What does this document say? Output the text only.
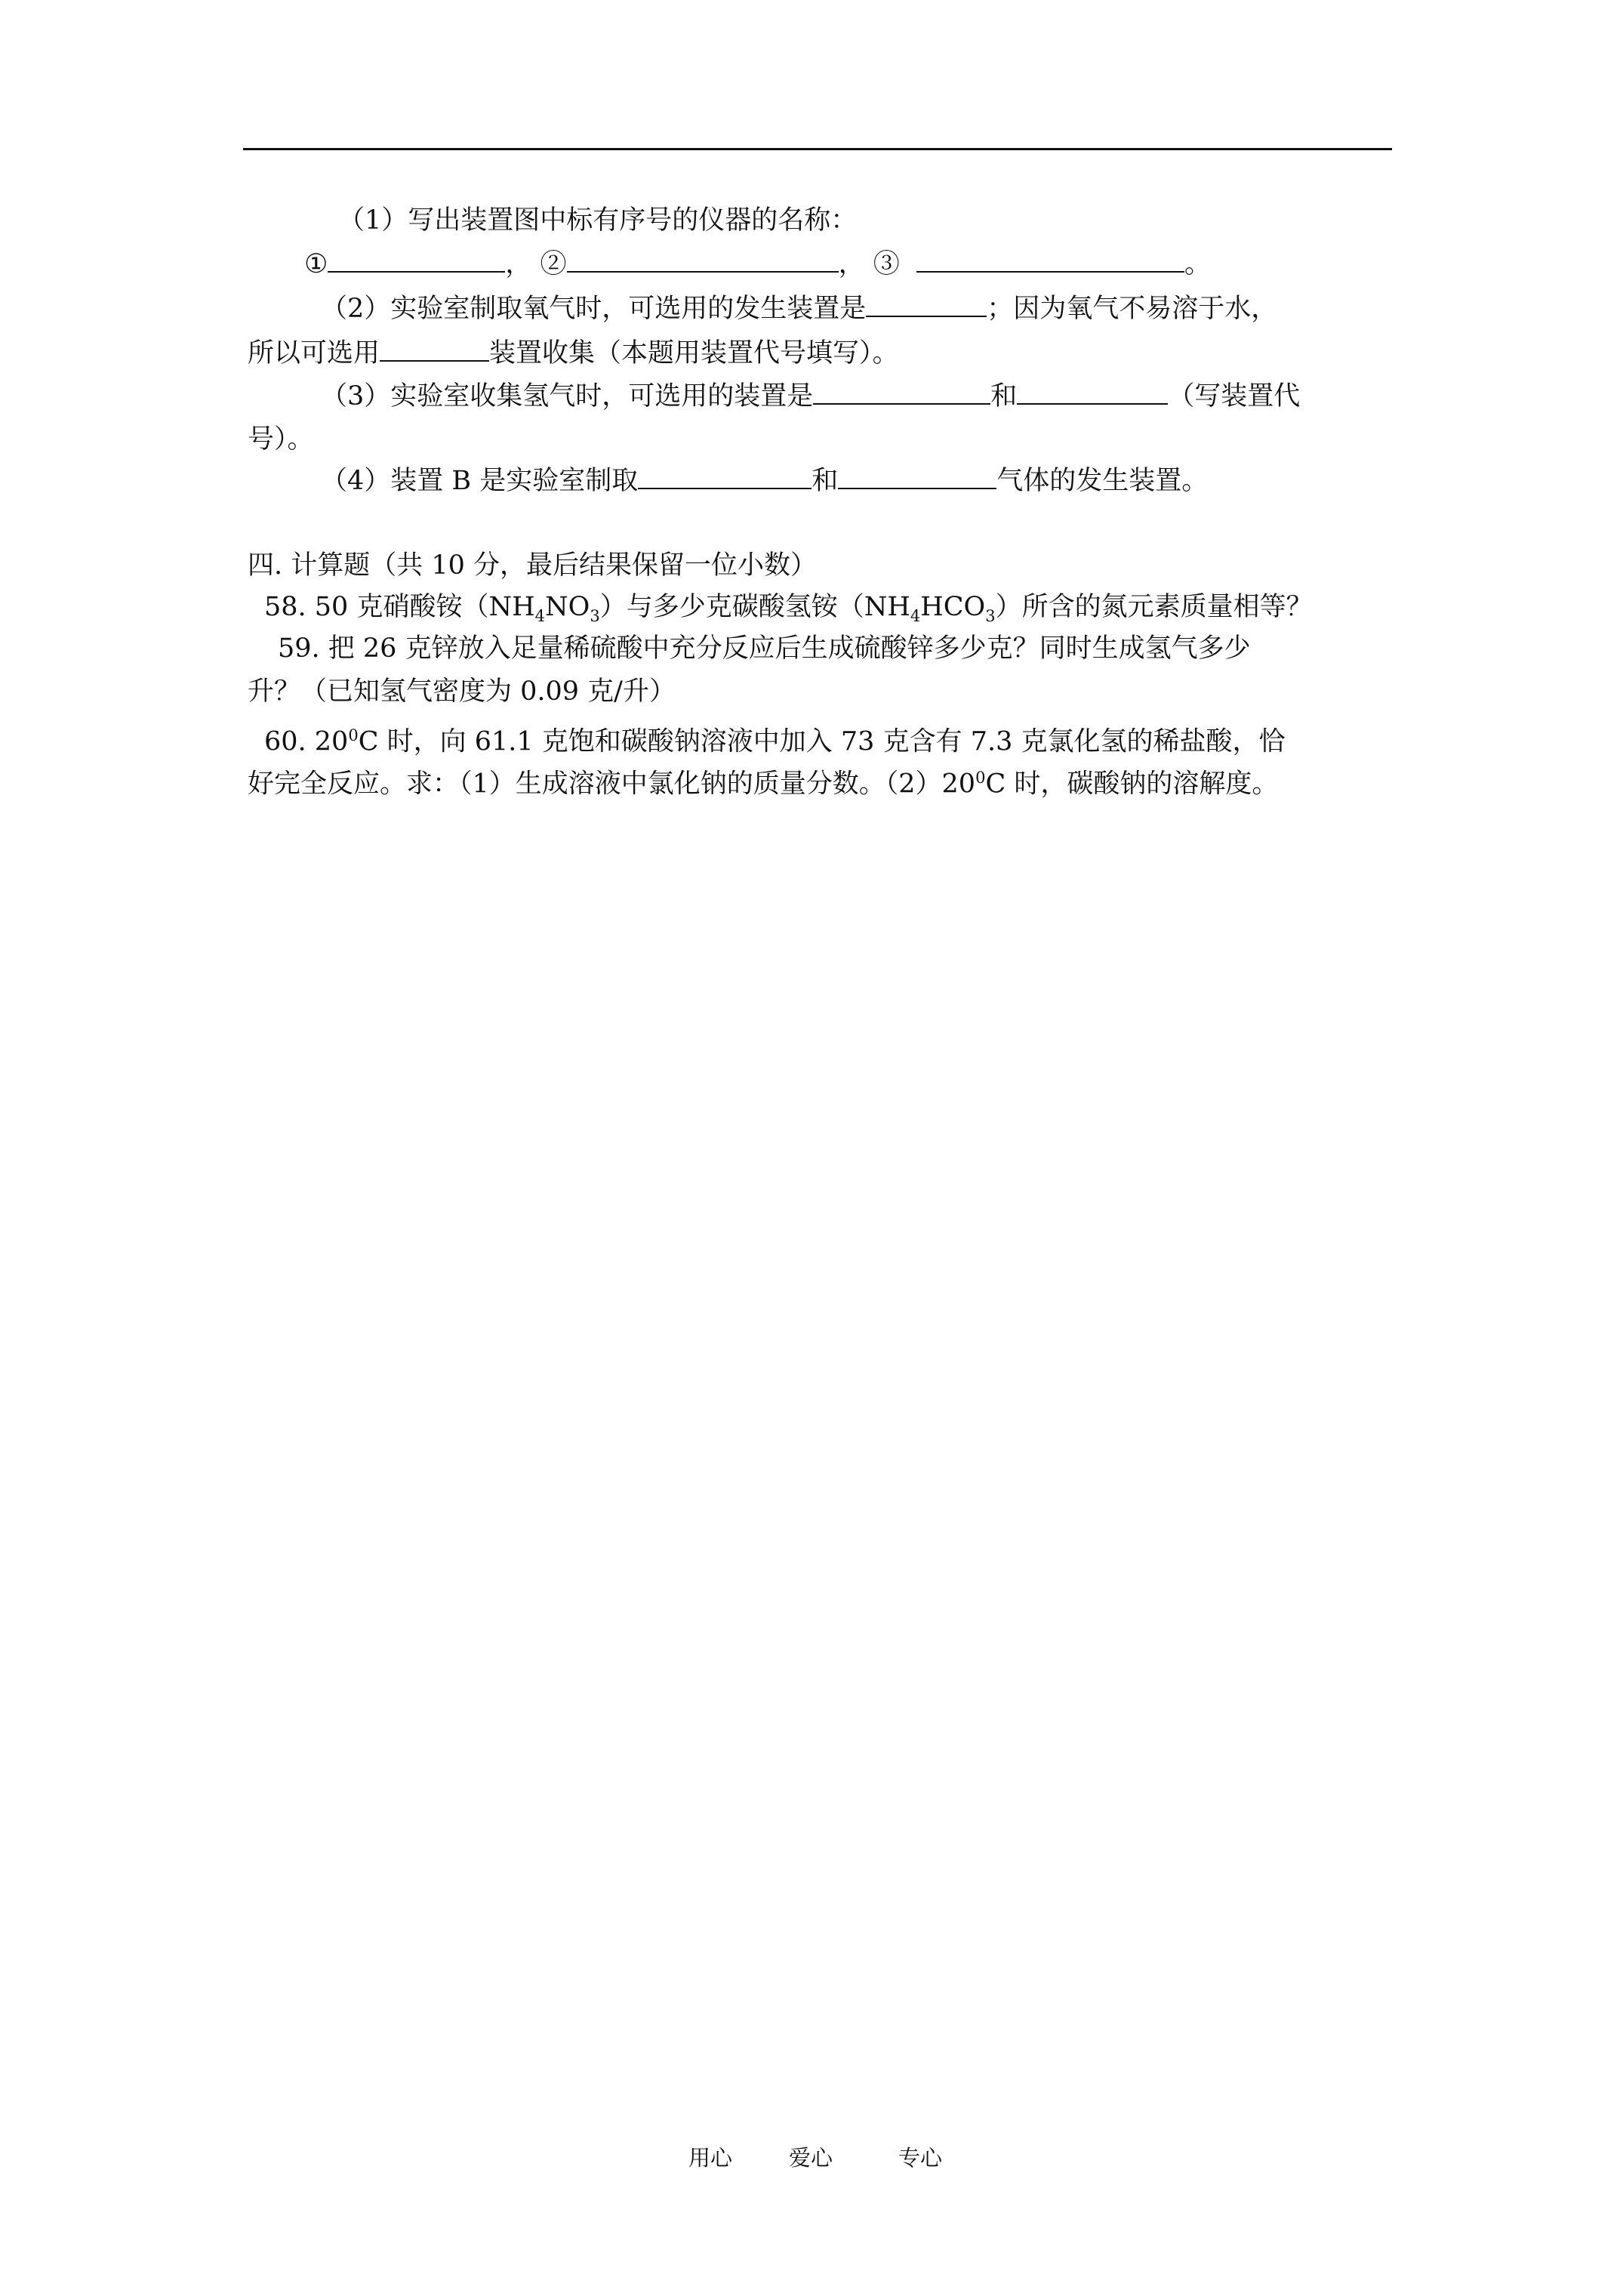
（1）写出装置图中标有序号的仪器的名称：
①	， ②	， ③	。
（2）实验室制取氧气时，可选用的发生装置是	；因为氧气不易溶于水，
所以可选用	装置收集（本题用装置代号填写）。
（3）实验室收集氢气时，可选用的装置是	和	（写装置代
号）。
（4）装置 B 是实验室制取	和	气体的发生装置。
四. 计算题（共 10 分，最后结果保留一位小数）
58. 50 克硝酸铵$(NH_4NO_3)$与多少克碳酸氢铵$(NH_4HCO_3)$所含的氮元素质量相等？
59. 把 26 克锌放入足量稀硫酸中充分反应后生成硫酸锌多少克？同时生成氢气多少
升？（已知氢气密度为 0.09 克/升）
60. $20^0C$ 时，向 61.1 克饱和碳酸钠溶液中加入 73 克含有 7.3 克氯化氢的稀盐酸，恰
好完全反应。求：（1）生成溶液中氯化钠的质量分数。$(2)20^0C$ 时，碳酸钠的溶解度。
用心	爱心	专心
